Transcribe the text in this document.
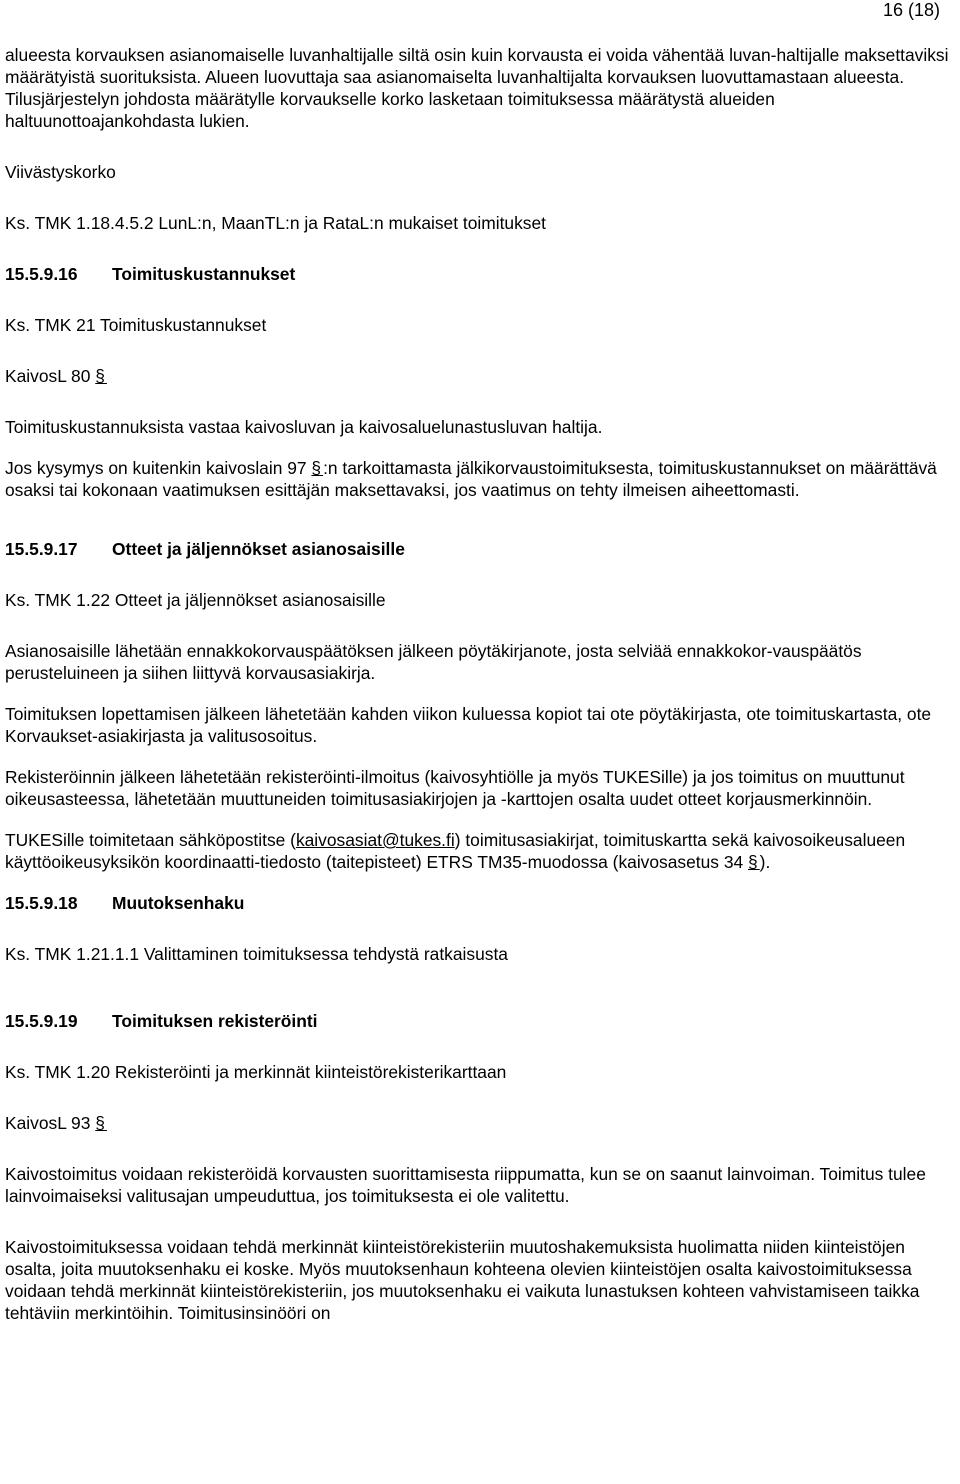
16 (18)

alueesta korvauksen asianomaiselle luvanhaltijalle siltä osin kuin korvausta ei voida vähentää luvan-haltijalle maksettaviksi määrätyistä suorituksista. Alueen luovuttaja saa asianomaiselta luvanhaltijalta korvauksen luovuttamastaan alueesta. Tilusjärjestelyn johdosta määrätylle korvaukselle korko lasketaan toimituksessa määrätystä alueiden haltuunottoajankohdasta lukien.

Viivästyskorko

Ks. TMK 1.18.4.5.2 LunL:n, MaanTL:n ja RataL:n mukaiset toimitukset

15.5.9.16 Toimituskustannukset

Ks. TMK 21 Toimituskustannukset

KaivosL 80 §

Toimituskustannuksista vastaa kaivosluvan ja kaivosaluelunastusluvan haltija.

Jos kysymys on kuitenkin kaivoslain 97 §:n tarkoittamasta jälkikorvaustoimituksesta, toimituskustannukset on määrättävä osaksi tai kokonaan vaatimuksen esittäjän maksettavaksi, jos vaatimus on tehty ilmeisen aiheettomasti.

15.5.9.17 Otteet ja jäljennökset asianosaisille

Ks. TMK 1.22 Otteet ja jäljennökset asianosaisille

Asianosaisille lähetään ennakkokorvauspäätöksen jälkeen pöytäkirjanote, josta selviää ennakkokor-vauspäätös perusteluineen ja siihen liittyvä korvausasiakirja.

Toimituksen lopettamisen jälkeen lähetetään kahden viikon kuluessa kopiot tai ote pöytäkirjasta, ote toimituskartasta, ote Korvaukset-asiakirjasta ja valitusosoitus.

Rekisteröinnin jälkeen lähetetään rekisteröinti-ilmoitus (kaivosyhtiölle ja myös TUKESille) ja jos toimitus on muuttunut oikeusasteessa, lähetetään muuttuneiden toimitusasiakirjojen ja -karttojen osalta uudet otteet korjausmerkinnöin.

TUKESille toimitetaan sähköpostitse (kaivosasiat@tukes.fi) toimitusasiakirjat, toimituskartta sekä kaivosoikeusalueen käyttöoikeusyksikön koordinaatti-tiedosto (taitepisteet) ETRS TM35-muodossa (kaivosasetus 34 §).

15.5.9.18 Muutoksenhaku

Ks. TMK 1.21.1.1 Valittaminen toimituksessa tehdystä ratkaisusta

15.5.9.19 Toimituksen rekisteröinti

Ks. TMK 1.20 Rekisteröinti ja merkinnät kiinteistörekisterikarttaan

KaivosL 93 §

Kaivostoimitus voidaan rekisteröidä korvausten suorittamisesta riippumatta, kun se on saanut lainvoiman. Toimitus tulee lainvoimaiseksi valitusajan umpeuduttua, jos toimituksesta ei ole valitettu.

Kaivostoimituksessa voidaan tehdä merkinnät kiinteistörekisteriin muutoshakemuksista huolimatta niiden kiinteistöjen osalta, joita muutoksenhaku ei koske. Myös muutoksenhaun kohteena olevien kiinteistöjen osalta kaivostoimituksessa voidaan tehdä merkinnät kiinteistörekisteriin, jos muutoksenhaku ei vaikuta lunastuksen kohteen vahvistamiseen taikka tehtäviin merkintöihin. Toimitusinsinööri on
